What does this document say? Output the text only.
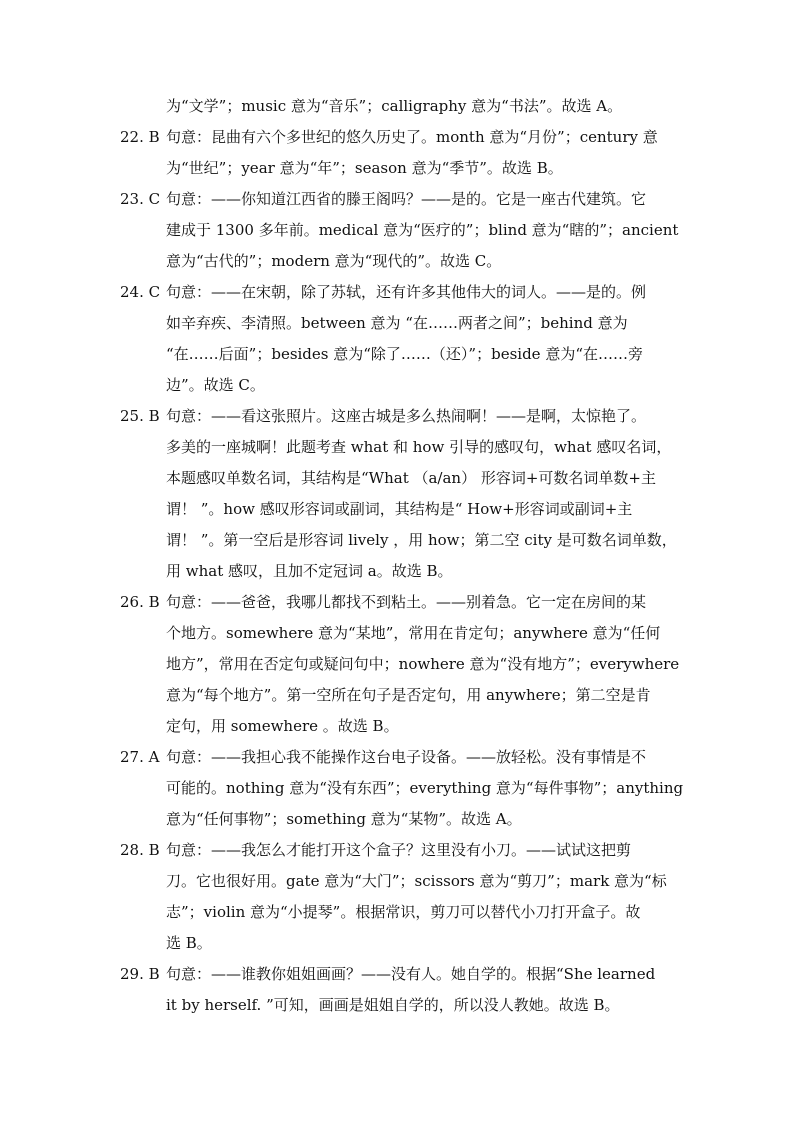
为“文学”；music 意为“音乐”；calligraphy 意为“书法”。故选 A。
22. B 句意：昆曲有六个多世纪的悠久历史了。month 意为“月份”；century 意
为“世纪”；year 意为“年”；season 意为“季节”。故选 B。
23. C 句意：——你知道江西省的滕王阁吗？——是的。它是一座古代建筑。它
建成于 1300 多年前。medical 意为“医疗的”；blind 意为“瞎的”；ancient
意为“古代的”；modern 意为“现代的”。故选 C。
24. C 句意：——在宋朝，除了苏轼，还有许多其他伟大的词人。——是的。例
如辛弃疾、李清照。between 意为 “在……两者之间”；behind 意为
“在……后面”；besides 意为“除了……（还）”；beside 意为“在……旁
边”。故选 C。
25. B 句意：——看这张照片。这座古城是多么热闹啊！——是啊，太惊艳了。
多美的一座城啊！此题考查 what 和 how 引导的感叹句，what 感叹名词，
本题感叹单数名词，其结构是“What （a/an） 形容词+可数名词单数+主
谓！ ”。how 感叹形容词或副词，其结构是“ How+形容词或副词+主
谓！ ”。第一空后是形容词 lively ，用 how；第二空 city 是可数名词单数，
用 what 感叹，且加不定冠词 a。故选 B。
26. B 句意：——爸爸，我哪儿都找不到粘土。——别着急。它一定在房间的某
个地方。somewhere 意为“某地”，常用在肯定句；anywhere 意为“任何
地方”，常用在否定句或疑问句中；nowhere 意为“没有地方”；everywhere
意为“每个地方”。第一空所在句子是否定句，用 anywhere；第二空是肯
定句，用 somewhere 。故选 B。
27. A 句意：——我担心我不能操作这台电子设备。——放轻松。没有事情是不
可能的。nothing 意为“没有东西”；everything 意为“每件事物”；anything
意为“任何事物”；something 意为“某物”。故选 A。
28. B 句意：——我怎么才能打开这个盒子？这里没有小刀。——试试这把剪
刀。它也很好用。gate 意为“大门”；scissors 意为“剪刀”；mark 意为“标
志”；violin 意为“小提琴”。根据常识，剪刀可以替代小刀打开盒子。故
选 B。
29. B 句意：——谁教你姐姐画画？——没有人。她自学的。根据“She learned
it by herself. ”可知，画画是姐姐自学的，所以没人教她。故选 B。
